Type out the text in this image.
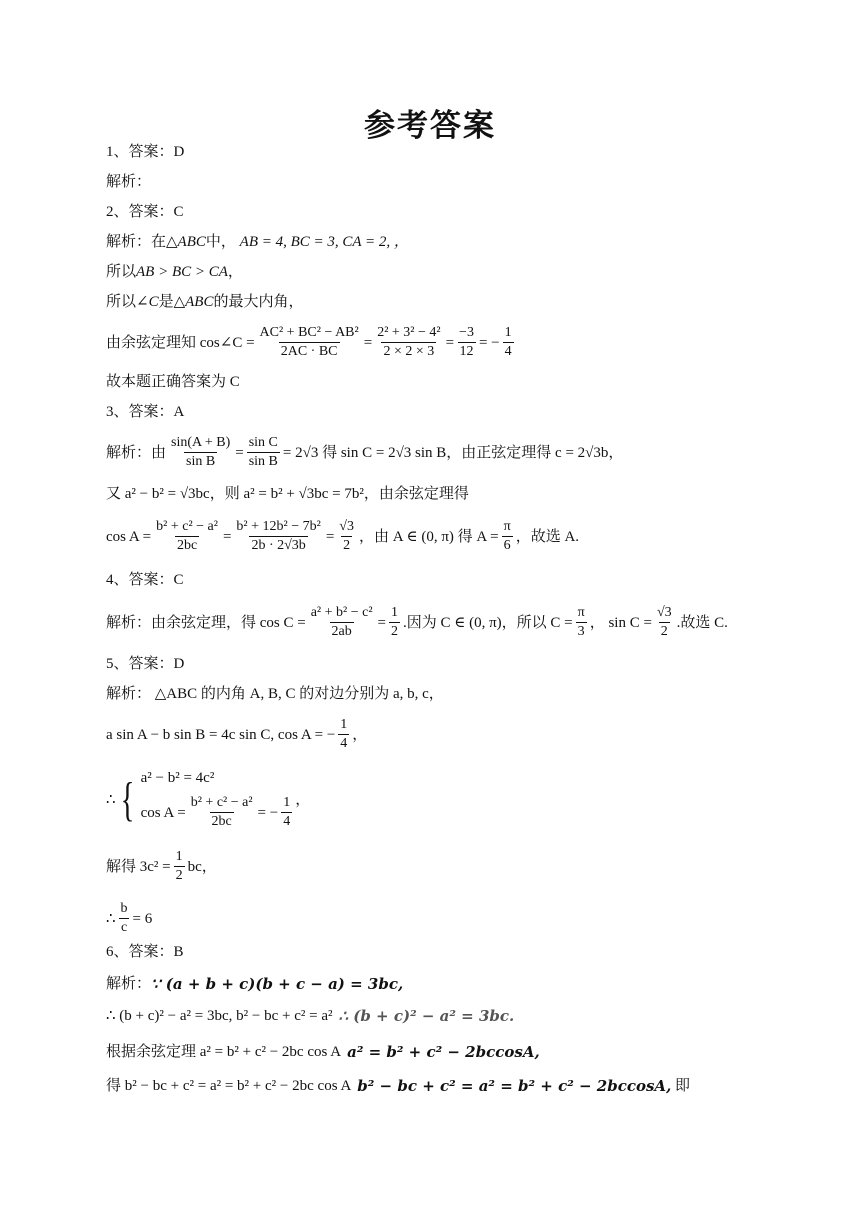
参考答案
1、答案：D
解析：
2、答案：C
解析：在△ ABC 中，
AB = 4, BC = 3, CA = 2, ，
所以 AB > BC > CA ，
所以∠ C 是△ ABC 的最大内角，
由余弦定理知 cos∠C = $\frac{\text{AC² + BC² − AB²}}{2AC \cdot BC} = \frac{\text{2² + 3² − 4²}}{2 \times 2 \times 3} = \frac{-3}{12}$ = − $\frac{1}{4}$
故本题正确答案为 C
3、答案：A
解析：由 $\frac{\sin(A + B)}{\text{sin B}} = \frac{\text{sin C}}{\text{sin B}} = 2√3$ 得 sin C = 2√3 sin B，由正弦定理得 c = 2√3b，
又 a² − b² = √3bc，则 a² = b² + √3bc = 7b²，由余弦定理得
$\cos A = \frac{\text{b² + c² − a²}}{2bc} = \frac{\text{b² + 12b² − 7b²}}{2b \cdot 2√3b} = \frac{√3}{2}$ ，由 A ∈ (0, π) 得 $A = \frac{\pi}{6}$ ，故选 A.
4、答案：C
解析：由余弦定理，得 $\cos C = \frac{\text{a² + b² − c²}}{2ab} = \frac{1}{2}$ .因为 C ∈ (0, π)，所以 $C = \frac{\pi}{3}$ ， $\sin C = \frac{√3}{2}$ .故选 C.
5、答案：D
解析： △ABC 的内角 A, B, C 的对边分别为 a, b, c，
a sin A − b sin B = 4c sin C, cos A = − $\frac{1}{4}$ ，
∴ { a² − b² = 4c²
$\cos A = \frac{\text{b² + c² − a²}}{2bc}$ = − $\frac{1}{4}$ ，
解得 $3c^2 = \frac{1}{2}$ bc，
∴ $\frac{b}{c} = 6$
6、答案：B
解析： ∵ (a + b + c)(b + c − a) = 3bc,
∴ (b + c)² − a² = 3bc, b² − bc + c² = a² ∴ (b + c)² − a² = 3bc.
根据余弦定理 a² = b² + c² − 2bc cos A a² = b² + c² − 2bccosA,
得 b² − bc + c² = a² = b² + c² − 2bc cos A b² − bc + c² = a² = b² + c² − 2bccosA,
即
